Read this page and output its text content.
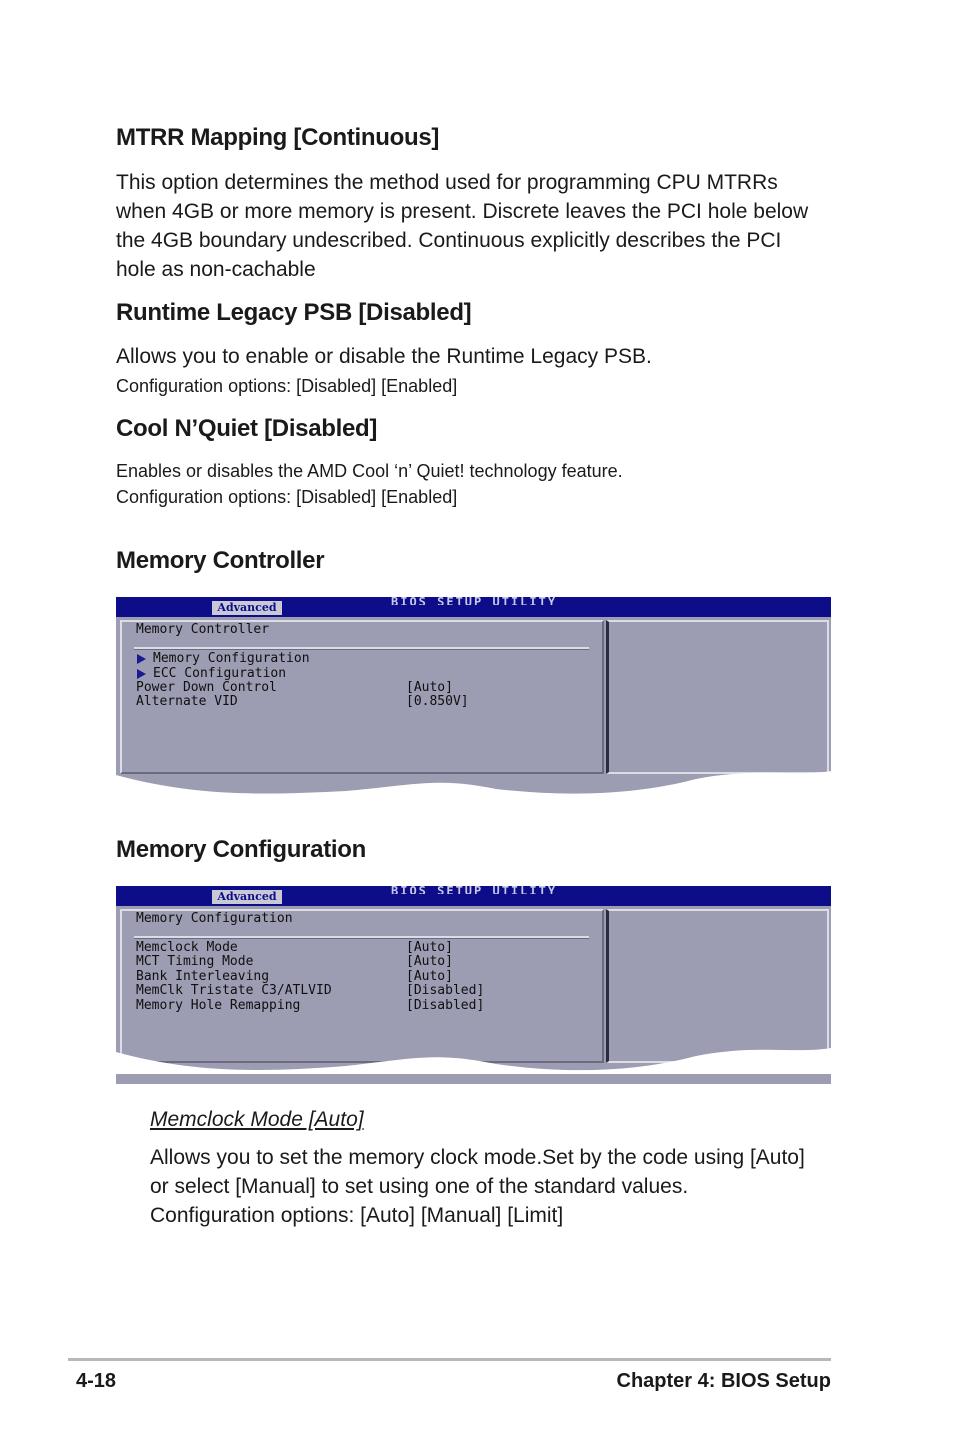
MTRR Mapping [Continuous]

This option determines the method used for programming CPU MTRRs
when 4GB or more memory is present. Discrete leaves the PCI hole below
the 4GB boundary undescribed. Continuous explicitly describes the PCI
hole as non-cachable

Runtime Legacy PSB [Disabled]

Allows you to enable or disable the Runtime Legacy PSB.

Configuration options: [Disabled] [Enabled]

Cool N’Quiet [Disabled]

Enables or disables the AMD Cool ‘n’ Quiet! technology feature.

Configuration options: [Disabled] [Enabled]

Memory Controller
Advanced	BIOS SETUP UTILITY
Memory Controller
Memory Configuration
ECC Configuration
Power Down Control	[Auto]
Alternate VID	[0.850V]
Memory Configuration
Advanced	BIOS SETUP UTILITY
Memory Configuration
Memclock Mode	[Auto]
MCT Timing Mode	[Auto]
Bank Interleaving	[Auto]
MemClk Tristate C3/ATLVID	[Disabled]
Memory Hole Remapping	[Disabled]

Memclock Mode [Auto]

Allows you to set the memory clock mode.Set by the code using [Auto]
or select [Manual] to set using one of the standard values.
Configuration options: [Auto] [Manual] [Limit]

4-18	Chapter 4: BIOS Setup
